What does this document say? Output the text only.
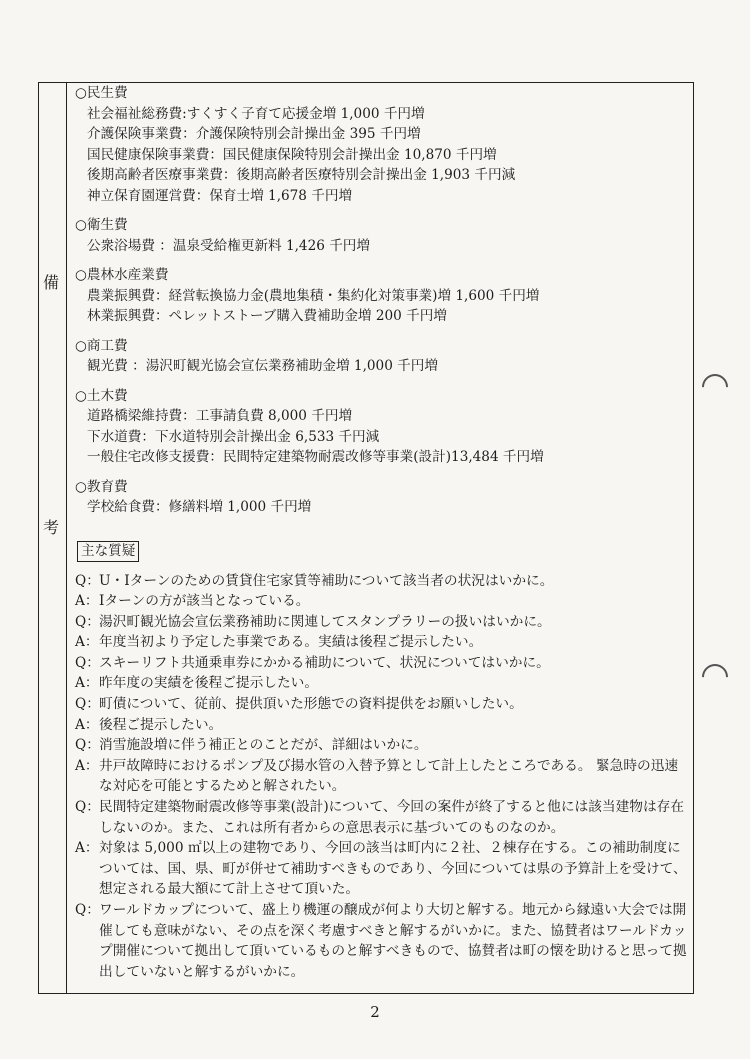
備
考
○民生費
社会福祉総務費:すくすく子育て応援金増 1,000 千円増
介護保険事業費：介護保険特別会計操出金 395 千円増
国民健康保険事業費：国民健康保険特別会計操出金 10,870 千円増
後期高齢者医療事業費：後期高齢者医療特別会計操出金 1,903 千円減
神立保育園運営費：保育士増 1,678 千円増
○衛生費
公衆浴場費 ：温泉受給権更新料 1,426 千円増
○農林水産業費
農業振興費：経営転換協力金(農地集積・集約化対策事業)増 1,600 千円増
林業振興費：ペレットストーブ購入費補助金増 200 千円増
○商工費
観光費 ：湯沢町観光協会宣伝業務補助金増 1,000 千円増
○土木費
道路橋梁維持費：工事請負費 8,000 千円増
下水道費：下水道特別会計操出金 6,533 千円減
一般住宅改修支援費：民間特定建築物耐震改修等事業(設計)13,484 千円増
○教育費
学校給食費：修繕料増 1,000 千円増
主な質疑
Q： U・Iターンのための賃貸住宅家賃等補助について該当者の状況はいかに。
A： Iターンの方が該当となっている。
Q： 湯沢町観光協会宣伝業務補助に関連してスタンプラリーの扱いはいかに。
A： 年度当初より予定した事業である。実績は後程ご提示したい。
Q： スキーリフト共通乗車券にかかる補助について、状況についてはいかに。
A： 昨年度の実績を後程ご提示したい。
Q： 町債について、従前、提供頂いた形態での資料提供をお願いしたい。
A： 後程ご提示したい。
Q： 消雪施設増に伴う補正とのことだが、詳細はいかに。
A： 井戸故障時におけるポンプ及び揚水管の入替予算として計上したところである。 緊急時の迅速な対応を可能とするためと解されたい。
Q： 民間特定建築物耐震改修等事業(設計)について、今回の案件が終了すると他には該当建物は存在しないのか。また、これは所有者からの意思表示に基づいてのものなのか。
A： 対象は 5,000 ㎡以上の建物であり、今回の該当は町内に２社、２棟存在する。この補助制度については、国、県、町が併せて補助すべきものであり、今回については県の予算計上を受けて、想定される最大額にて計上させて頂いた。
Q： ワールドカップについて、盛上り機運の醸成が何より大切と解する。地元から縁遠い大会では開催しても意味がない、その点を深く考慮すべきと解するがいかに。また、協賛者はワールドカップ開催について拠出して頂いているものと解すべきもので、協賛者は町の懐を助けると思って拠出していないと解するがいかに。
2
